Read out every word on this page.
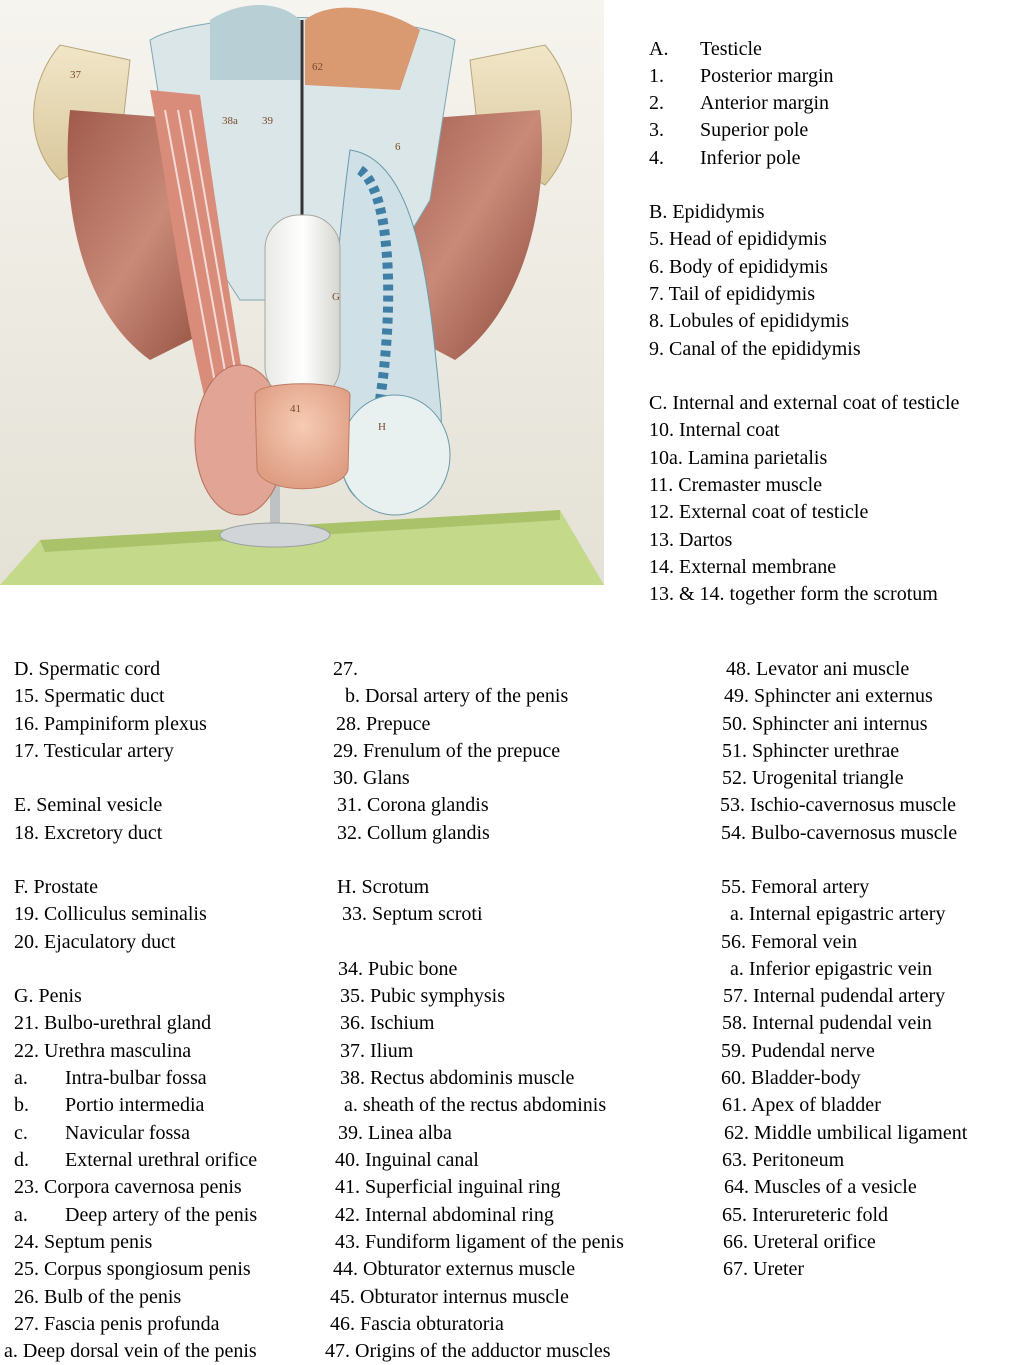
37
38a 39
62
6
41
G
H
A. Testicle
1. Posterior margin
2. Anterior margin
3. Superior pole
4. Inferior pole
B. Epididymis
5. Head of epididymis
6. Body of epididymis
7. Tail of epididymis
8. Lobules of epididymis
9. Canal of the epididymis
C. Internal and external coat of testicle
10. Internal coat
10a. Lamina parietalis
11. Cremaster muscle
12. External coat of testicle
13. Dartos
14. External membrane
13. & 14. together form the scrotum
D. Spermatic cord
15. Spermatic duct
16. Pampiniform plexus
17. Testicular artery
E. Seminal vesicle
18. Excretory duct
F. Prostate
19. Colliculus seminalis
20. Ejaculatory duct
G. Penis
21. Bulbo-urethral gland
22. Urethra masculina
a. Intra-bulbar fossa
b. Portio intermedia
c. Navicular fossa
d. External urethral orifice
23. Corpora cavernosa penis
a. Deep artery of the penis
24. Septum penis
25. Corpus spongiosum penis
26. Bulb of the penis
27. Fascia penis profunda
a. Deep dorsal vein of the penis
27.
b. Dorsal artery of the penis
28. Prepuce
29. Frenulum of the prepuce
30. Glans
31. Corona glandis
32. Collum glandis
H. Scrotum
33. Septum scroti
34. Pubic bone
35. Pubic symphysis
36. Ischium
37. Ilium
38. Rectus abdominis muscle
a. sheath of the rectus abdominis
39. Linea alba
40. Inguinal canal
41. Superficial inguinal ring
42. Internal abdominal ring
43. Fundiform ligament of the penis
44. Obturator externus muscle
45. Obturator internus muscle
46. Fascia obturatoria
47. Origins of the adductor muscles
48. Levator ani muscle
49. Sphincter ani externus
50. Sphincter ani internus
51. Sphincter urethrae
52. Urogenital triangle
53. Ischio-cavernosus muscle
54. Bulbo-cavernosus muscle
55. Femoral artery
a. Internal epigastric artery
56. Femoral vein
a. Inferior epigastric vein
57. Internal pudendal artery
58. Internal pudendal vein
59. Pudendal nerve
60. Bladder-body
61. Apex of bladder
62. Middle umbilical ligament
63. Peritoneum
64. Muscles of a vesicle
65. Interureteric fold
66. Ureteral orifice
67. Ureter
